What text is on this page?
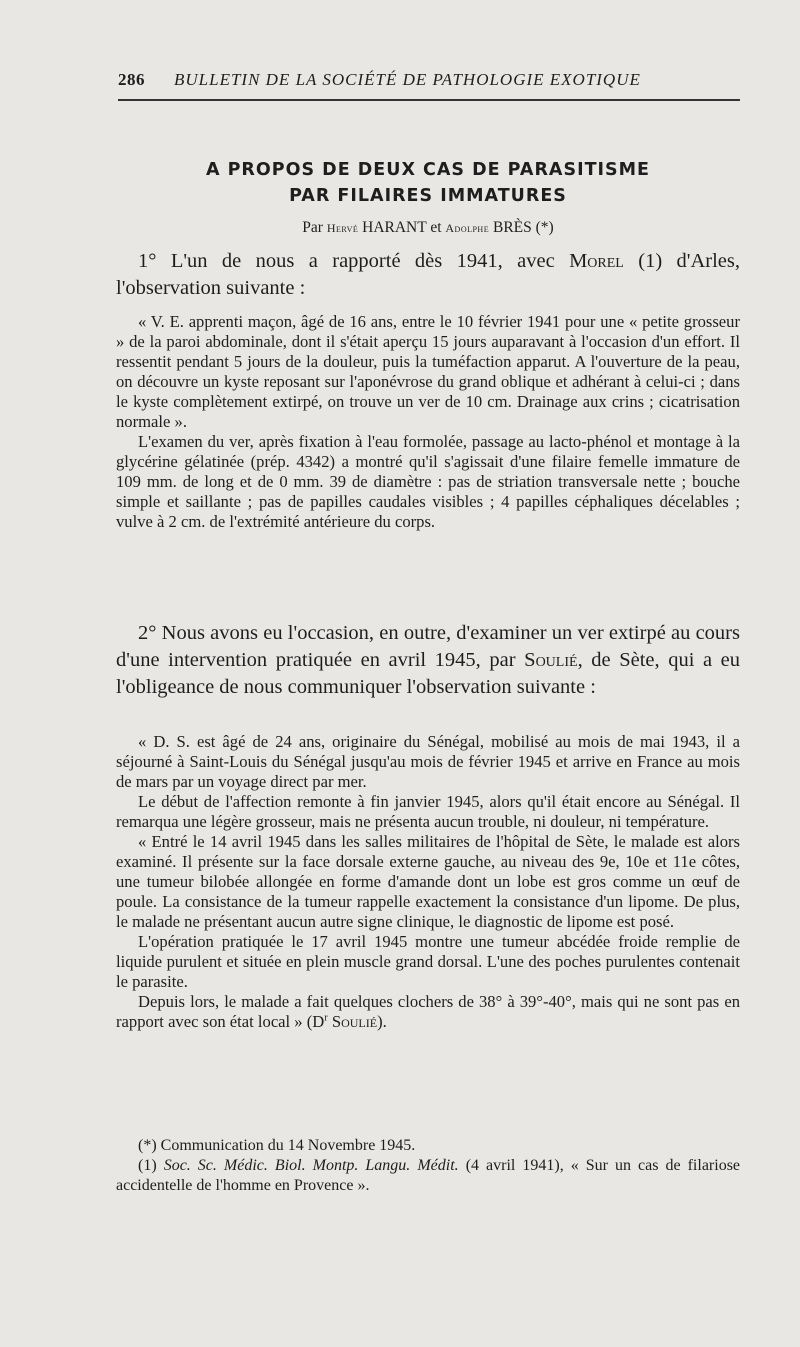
286 BULLETIN DE LA SOCIÉTÉ DE PATHOLOGIE EXOTIQUE
A PROPOS DE DEUX CAS DE PARASITISME
PAR FILAIRES IMMATURES
Par Hervé HARANT et Adolphe BRÈS (*)

1° L'un de nous a rapporté dès 1941, avec Morel (1) d'Arles, l'observation suivante :

« V. E. apprenti maçon, âgé de 16 ans, entre le 10 février 1941 pour une « petite grosseur » de la paroi abdominale, dont il s'était aperçu 15 jours auparavant à l'occasion d'un effort. Il ressentit pendant 5 jours de la douleur, puis la tuméfaction apparut. A l'ouverture de la peau, on découvre un kyste reposant sur l'aponévrose du grand oblique et adhérant à celui-ci ; dans le kyste complètement extirpé, on trouve un ver de 10 cm. Drainage aux crins ; cicatrisation normale ».

L'examen du ver, après fixation à l'eau formolée, passage au lacto-phénol et montage à la glycérine gélatinée (prép. 4342) a montré qu'il s'agissait d'une filaire femelle immature de 109 mm. de long et de 0 mm. 39 de diamètre : pas de striation transversale nette ; bouche simple et saillante ; pas de papilles caudales visibles ; 4 papilles céphaliques décelables ; vulve à 2 cm. de l'extrémité antérieure du corps.

2° Nous avons eu l'occasion, en outre, d'examiner un ver extirpé au cours d'une intervention pratiquée en avril 1945, par Soulié, de Sète, qui a eu l'obligeance de nous communiquer l'observation suivante :

« D. S. est âgé de 24 ans, originaire du Sénégal, mobilisé au mois de mai 1943, il a séjourné à Saint-Louis du Sénégal jusqu'au mois de février 1945 et arrive en France au mois de mars par un voyage direct par mer.

Le début de l'affection remonte à fin janvier 1945, alors qu'il était encore au Sénégal. Il remarqua une légère grosseur, mais ne présenta aucun trouble, ni douleur, ni température.

« Entré le 14 avril 1945 dans les salles militaires de l'hôpital de Sète, le malade est alors examiné. Il présente sur la face dorsale externe gauche, au niveau des 9e, 10e et 11e côtes, une tumeur bilobée allongée en forme d'amande dont un lobe est gros comme un œuf de poule. La consistance de la tumeur rappelle exactement la consistance d'un lipome. De plus, le malade ne présentant aucun autre signe clinique, le diagnostic de lipome est posé.

L'opération pratiquée le 17 avril 1945 montre une tumeur abcédée froide remplie de liquide purulent et située en plein muscle grand dorsal. L'une des poches purulentes contenait le parasite.

Depuis lors, le malade a fait quelques clochers de 38° à 39°-40°, mais qui ne sont pas en rapport avec son état local » ($D^r$ Soulié).

(*) Communication du 14 Novembre 1945.

(1) Soc. Sc. Médic. Biol. Montp. Langu. Médit. (4 avril 1941), « Sur un cas de filariose accidentelle de l'homme en Provence ».
